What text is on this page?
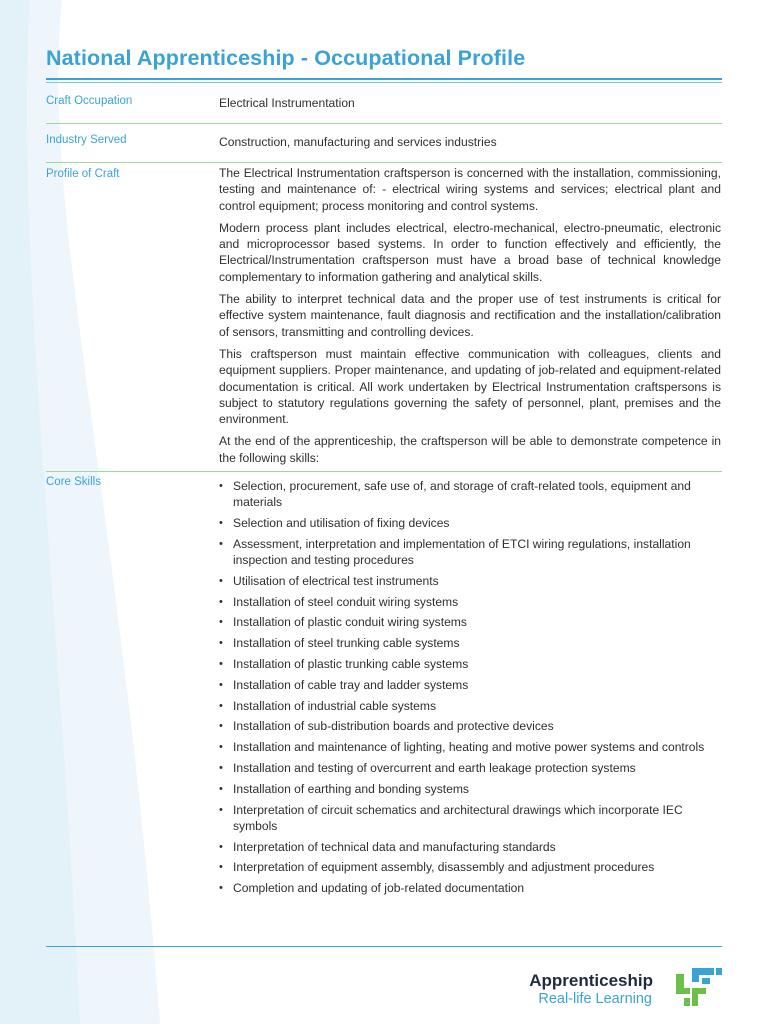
National Apprenticeship - Occupational Profile
Craft Occupation	Electrical Instrumentation
Industry Served	Construction, manufacturing and services industries
Profile of Craft	The Electrical Instrumentation craftsperson is concerned with the installation, commissioning, testing and maintenance of: - electrical wiring systems and services; electrical plant and control equipment; process monitoring and control systems.

Modern process plant includes electrical, electro-mechanical, electro-pneumatic, electronic and microprocessor based systems. In order to function effectively and efficiently, the Electrical/Instrumentation craftsperson must have a broad base of technical knowledge complementary to information gathering and analytical skills.

The ability to interpret technical data and the proper use of test instruments is critical for effective system maintenance, fault diagnosis and rectification and the installation/calibration of sensors, transmitting and controlling devices.

This craftsperson must maintain effective communication with colleagues, clients and equipment suppliers. Proper maintenance, and updating of job-related and equipment-related documentation is critical. All work undertaken by Electrical Instrumentation craftspersons is subject to statutory regulations governing the safety of personnel, plant, premises and the environment.

At the end of the apprenticeship, the craftsperson will be able to demonstrate competence in the following skills:

Core Skills	• Selection, procurement, safe use of, and storage of craft-related tools, equipment and materials
• Selection and utilisation of fixing devices
• Assessment, interpretation and implementation of ETCI wiring regulations, installation inspection and testing procedures
• Utilisation of electrical test instruments
• Installation of steel conduit wiring systems
• Installation of plastic conduit wiring systems
• Installation of steel trunking cable systems
• Installation of plastic trunking cable systems
• Installation of cable tray and ladder systems
• Installation of industrial cable systems
• Installation of sub-distribution boards and protective devices
• Installation and maintenance of lighting, heating and motive power systems and controls
• Installation and testing of overcurrent and earth leakage protection systems
• Installation of earthing and bonding systems
• Interpretation of circuit schematics and architectural drawings which incorporate IEC symbols
• Interpretation of technical data and manufacturing standards
• Interpretation of equipment assembly, disassembly and adjustment procedures
• Completion and updating of job-related documentation
Apprenticeship
Real-life Learning
